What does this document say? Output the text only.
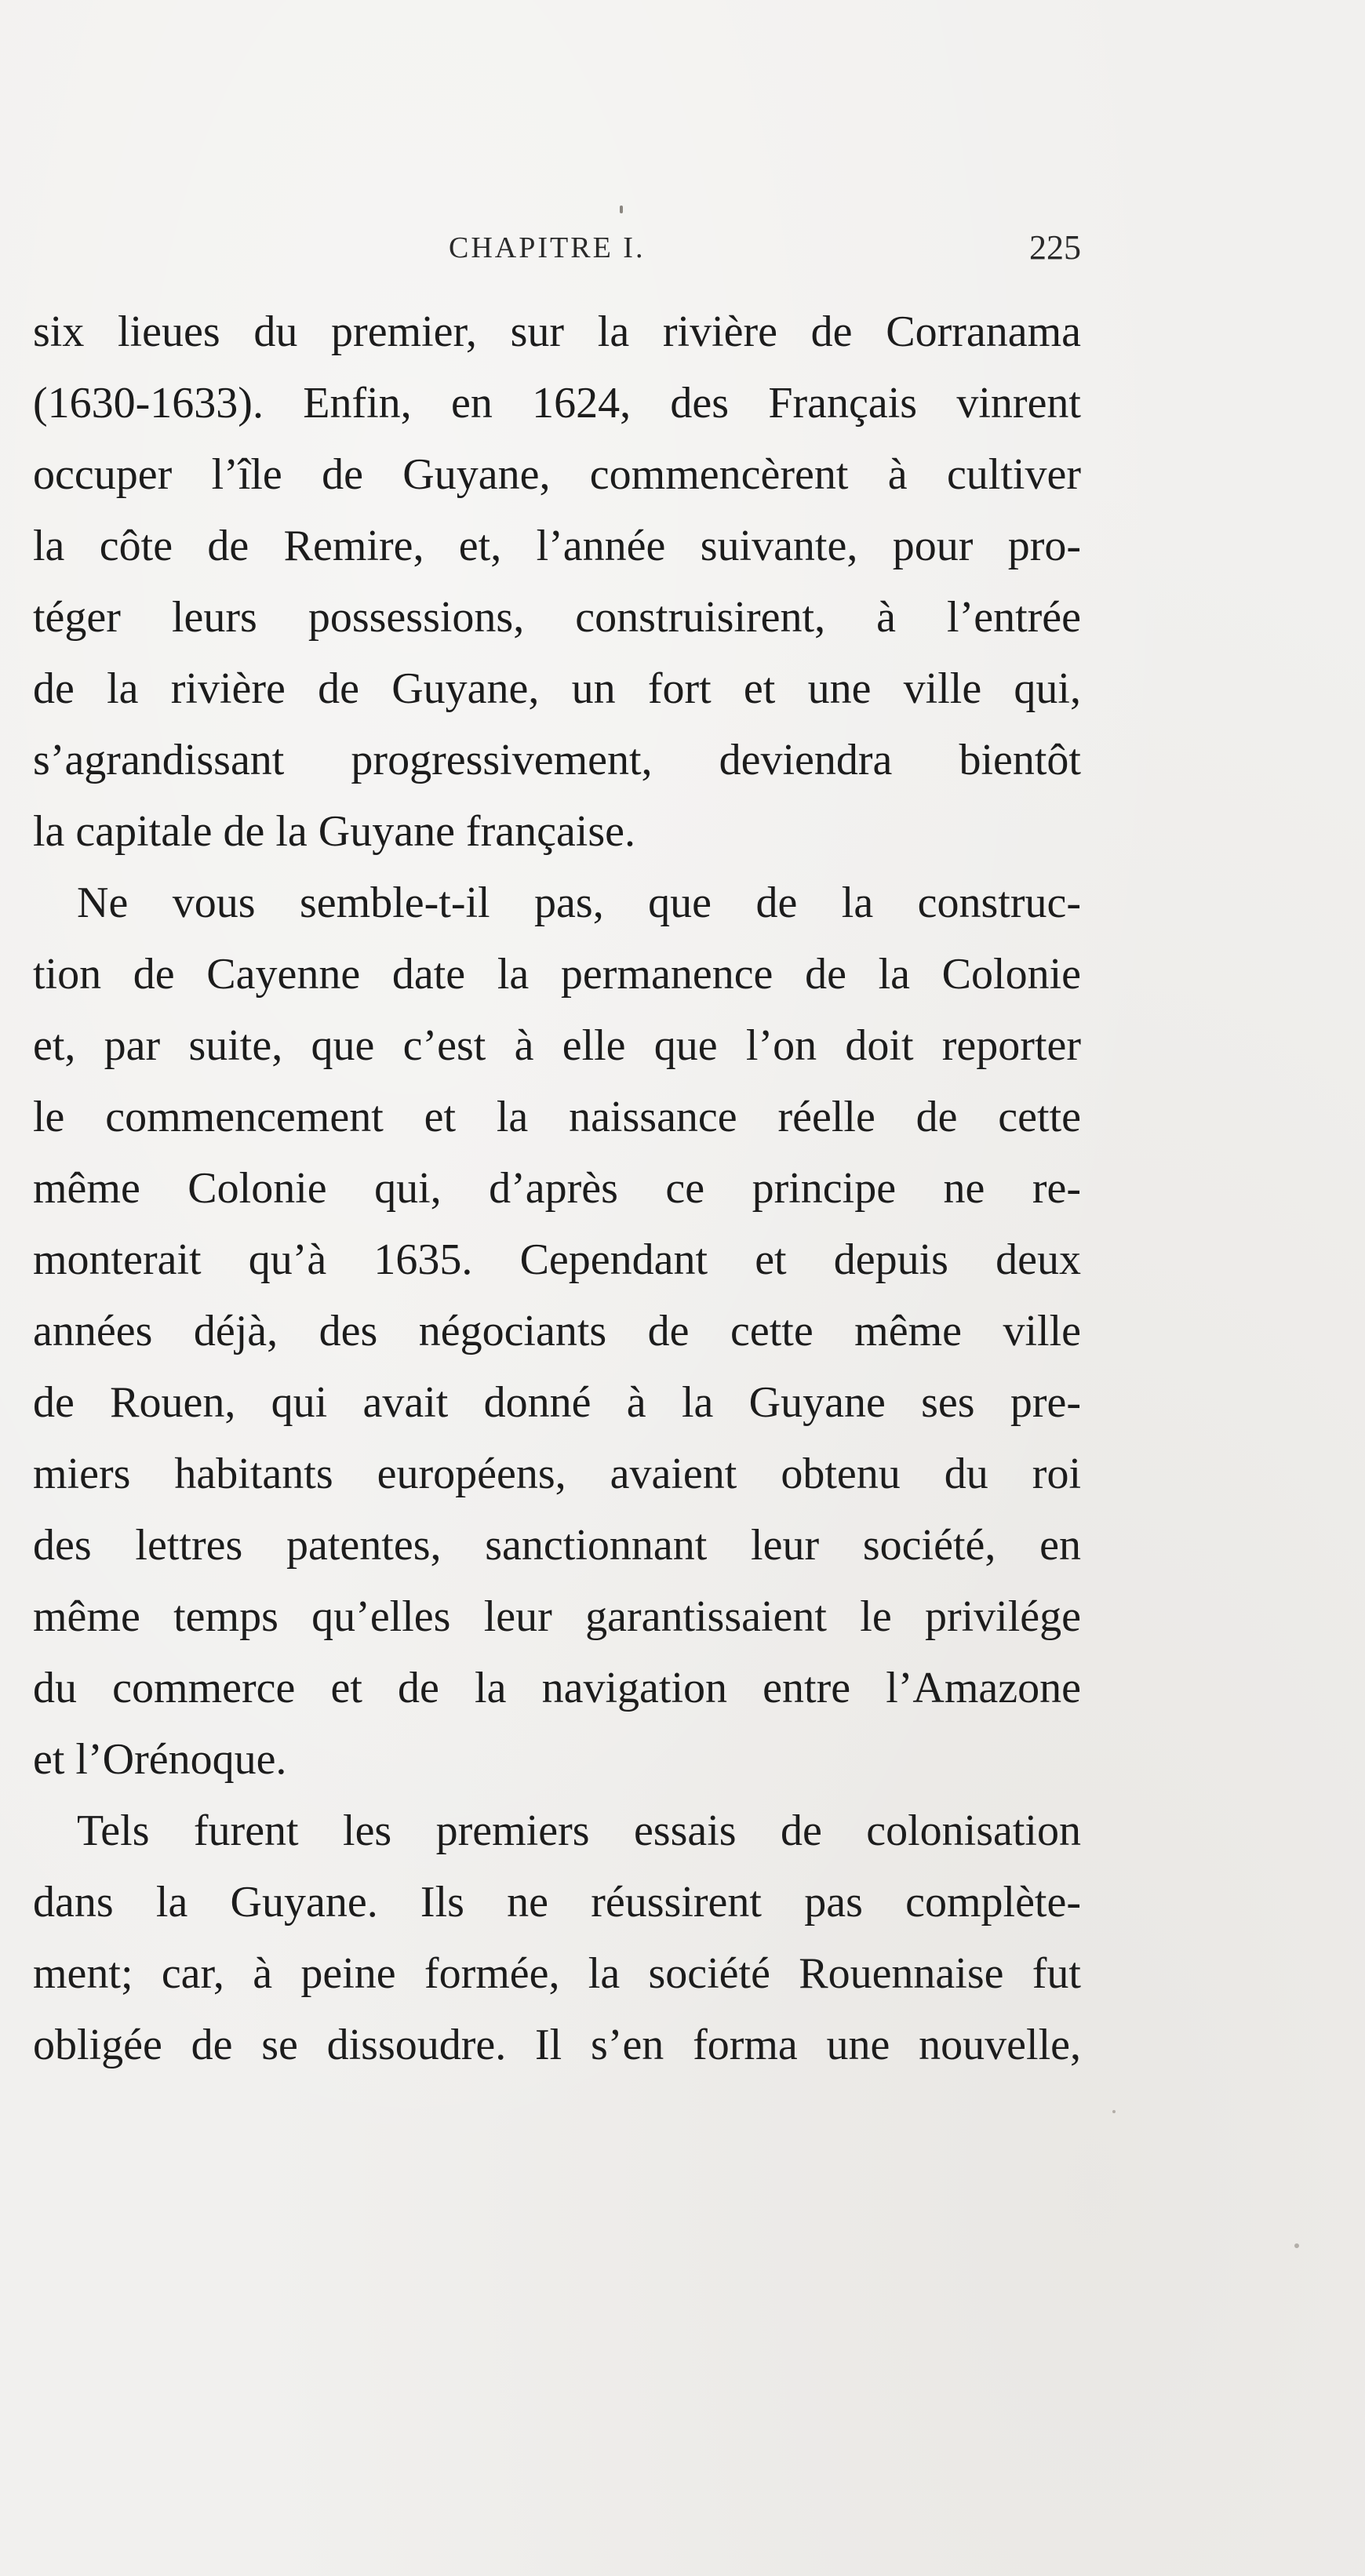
CHAPITRE I.	225
six lieues du premier, sur la rivière de Corranama
(1630-1633). Enfin, en 1624, des Français vinrent
occuper l’île de Guyane, commencèrent à cultiver
la côte de Remire, et, l’année suivante, pour pro-
téger leurs possessions, construisirent, à l’entrée
de la rivière de Guyane, un fort et une ville qui,
s’agrandissant progressivement, deviendra bientôt
la capitale de la Guyane française.
Ne vous semble-t-il pas, que de la construc-
tion de Cayenne date la permanence de la Colonie
et, par suite, que c’est à elle que l’on doit reporter
le commencement et la naissance réelle de cette
même Colonie qui, d’après ce principe ne re-
monterait qu’à 1635. Cependant et depuis deux
années déjà, des négociants de cette même ville
de Rouen, qui avait donné à la Guyane ses pre-
miers habitants européens, avaient obtenu du roi
des lettres patentes, sanctionnant leur société, en
même temps qu’elles leur garantissaient le privilége
du commerce et de la navigation entre l’Amazone
et l’Orénoque.
Tels furent les premiers essais de colonisation
dans la Guyane. Ils ne réussirent pas complète-
ment; car, à peine formée, la société Rouennaise fut
obligée de se dissoudre. Il s’en forma une nouvelle,
